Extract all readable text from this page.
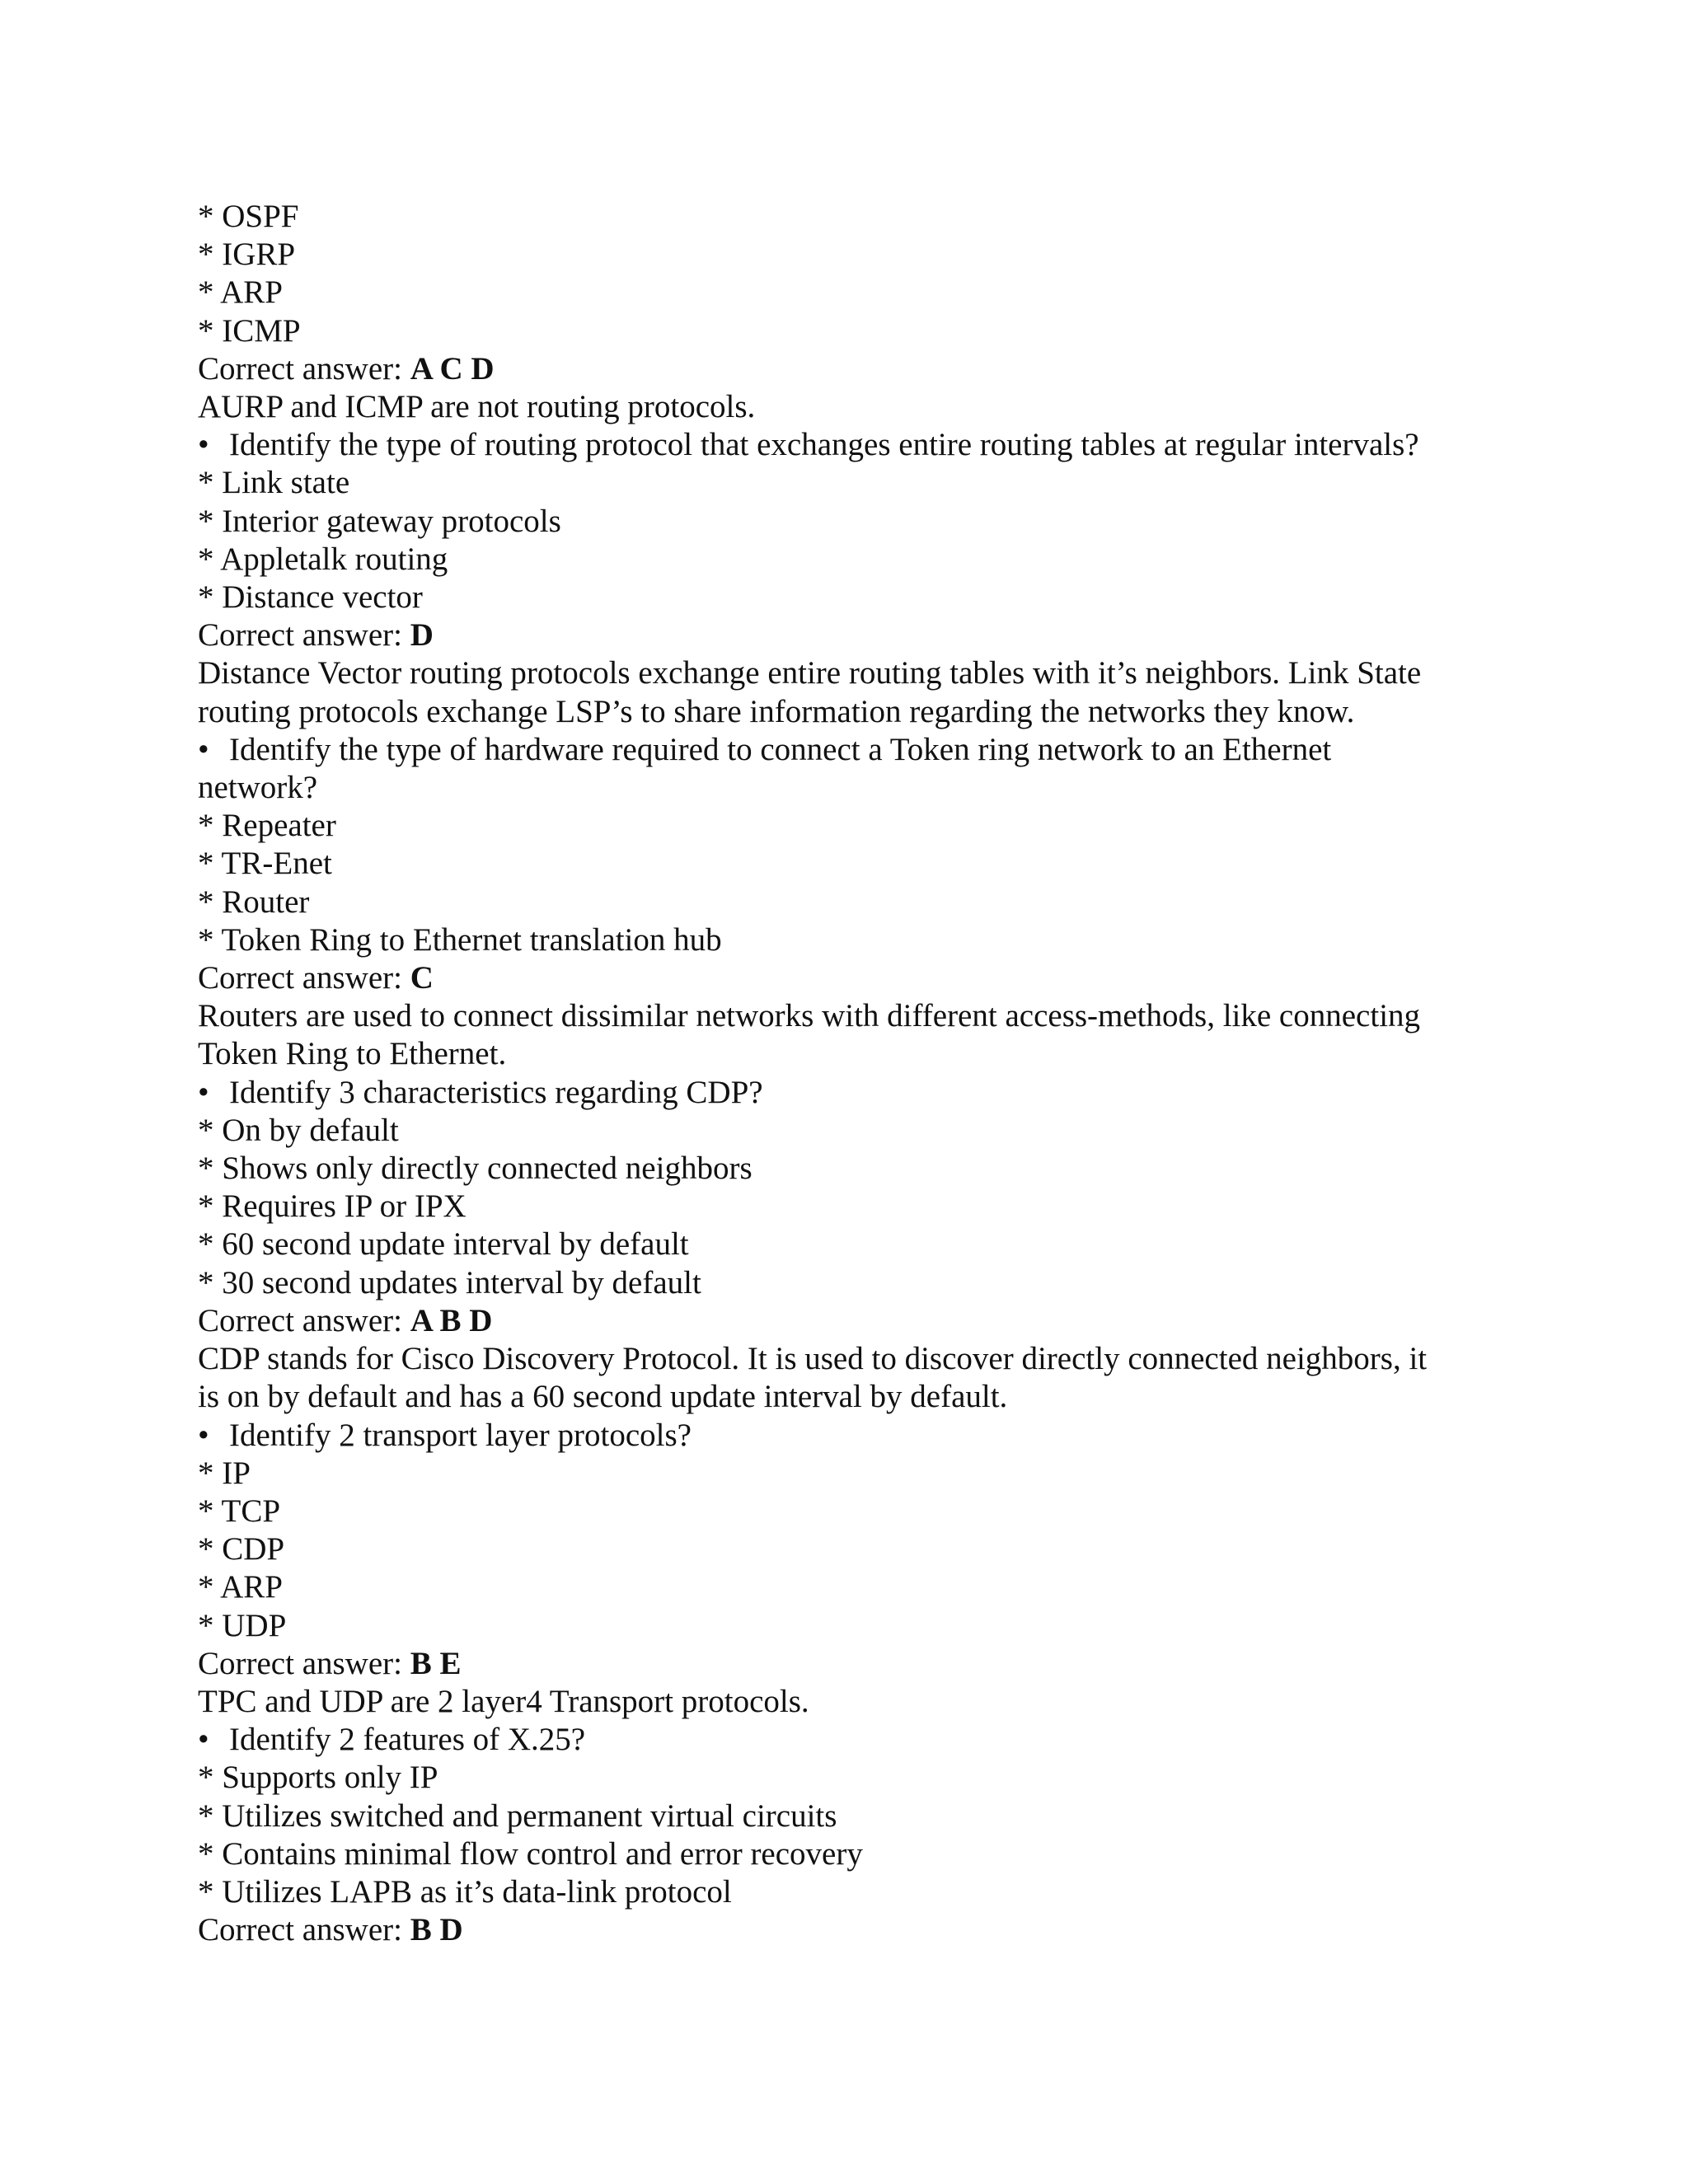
* OSPF
* IGRP
* ARP
* ICMP
Correct answer: A C D
AURP and ICMP are not routing protocols.
• Identify the type of routing protocol that exchanges entire routing tables at regular intervals?
* Link state
* Interior gateway protocols
* Appletalk routing
* Distance vector
Correct answer: D
Distance Vector routing protocols exchange entire routing tables with it’s neighbors. Link State
routing protocols exchange LSP’s to share information regarding the networks they know.
• Identify the type of hardware required to connect a Token ring network to an Ethernet
network?
* Repeater
* TR-Enet
* Router
* Token Ring to Ethernet translation hub
Correct answer: C
Routers are used to connect dissimilar networks with different access-methods, like connecting
Token Ring to Ethernet.
• Identify 3 characteristics regarding CDP?
* On by default
* Shows only directly connected neighbors
* Requires IP or IPX
* 60 second update interval by default
* 30 second updates interval by default
Correct answer: A B D
CDP stands for Cisco Discovery Protocol. It is used to discover directly connected neighbors, it
is on by default and has a 60 second update interval by default.
• Identify 2 transport layer protocols?
* IP
* TCP
* CDP
* ARP
* UDP
Correct answer: B E
TPC and UDP are 2 layer4 Transport protocols.
• Identify 2 features of X.25?
* Supports only IP
* Utilizes switched and permanent virtual circuits
* Contains minimal flow control and error recovery
* Utilizes LAPB as it’s data-link protocol
Correct answer: B D
